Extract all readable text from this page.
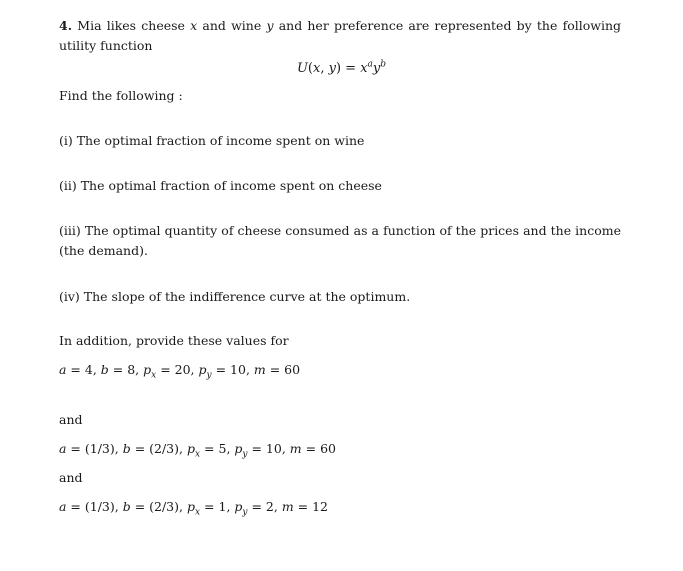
4. Mia likes cheese x and wine y and her preference are represented by the following utility function
U(x, $y) = x^ay^b$
Find the following :
(i) The optimal fraction of income spent on wine
(ii) The optimal fraction of income spent on cheese
(iii) The optimal quantity of cheese consumed as a function of the prices and the income (the demand).
(iv) The slope of the indifference curve at the optimum.
In addition, provide these values for
a = 4, b = 8, $p_x = 20$, $p_y = 10$, m = 60
and
a = (1/3), b = (2/3), $p_x = 5$, $p_y = 10$, m = 60
and
a = (1/3), b = (2/3), $p_x = 1$, $p_y = 2$, m = 12
